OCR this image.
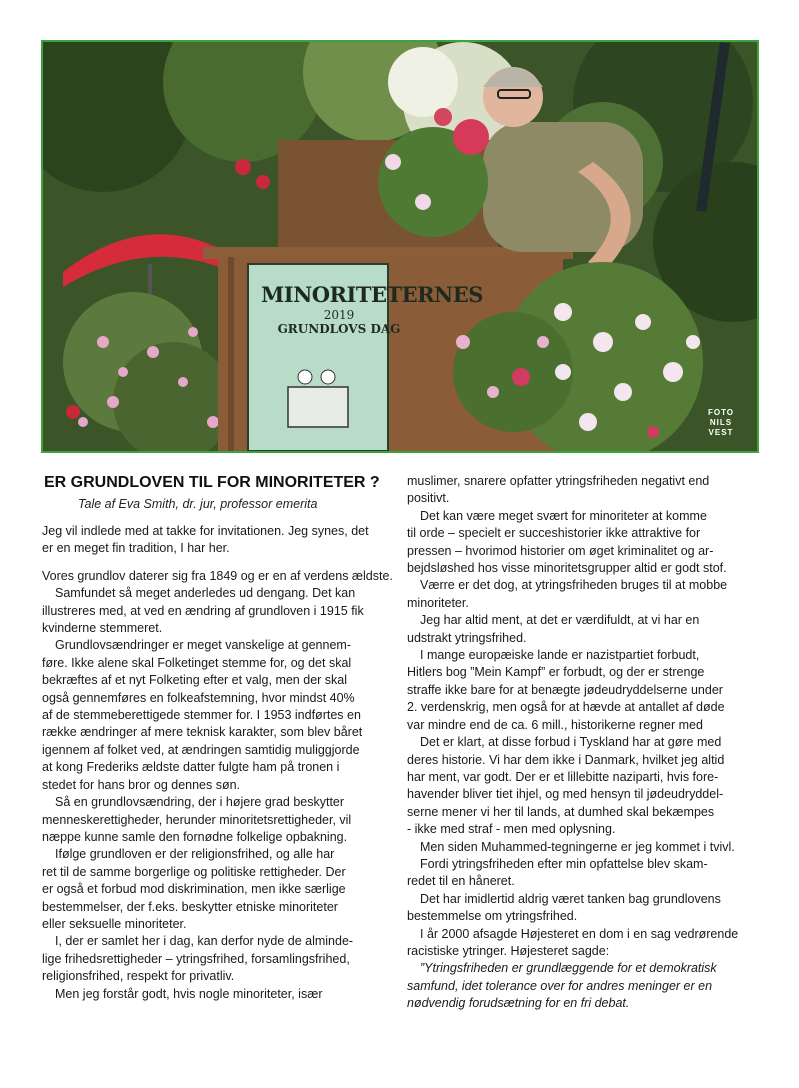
MINORITETERNES
2019
GRUNDLOVS DAG
FOTO
NILS
VEST
ER GRUNDLOVEN TIL FOR MINORITETER ?
Tale af Eva Smith, dr. jur, professor emerita
Jeg vil indlede med at takke for invitationen. Jeg synes, det
er en meget fin tradition, I har her.
Vores grundlov daterer sig fra 1849 og er en af verdens ældste.
Samfundet så meget anderledes ud dengang. Det kan
illustreres med, at ved en ændring af grundloven i 1915 fik
kvinderne stemmeret.
Grundlovsændringer er meget vanskelige at gennem-
føre. Ikke alene skal Folketinget stemme for, og det skal
bekræftes af et nyt Folketing efter et valg, men der skal
også gennemføres en folkeafstemning, hvor mindst 40%
af de stemmeberettigede stemmer for. I 1953 indførtes en
række ændringer af mere teknisk karakter, som blev båret
igennem af folket ved, at ændringen samtidig muliggjorde
at kong Frederiks ældste datter fulgte ham på tronen i
stedet for hans bror og dennes søn.
Så en grundlovsændring, der i højere grad beskytter
menneskerettigheder, herunder minoritetsrettigheder, vil
næppe kunne samle den fornødne folkelige opbakning.
Ifølge grundloven er der religionsfrihed, og alle har
ret til de samme borgerlige og politiske rettigheder. Der
er også et forbud mod diskrimination, men ikke særlige
bestemmelser, der f.eks. beskytter etniske minoriteter
eller seksuelle minoriteter.
I, der er samlet her i dag, kan derfor nyde de alminde-
lige frihedsrettigheder – ytringsfrihed, forsamlingsfrihed,
religionsfrihed, respekt for privatliv.
Men jeg forstår godt, hvis nogle minoriteter, især
muslimer, snarere opfatter ytringsfriheden negativt end
positivt.
Det kan være meget svært for minoriteter at komme
til orde – specielt er succeshistorier ikke attraktive for
pressen – hvorimod historier om øget kriminalitet og ar-
bejdsløshed hos visse minoritetsgrupper altid er godt stof.
Værre er det dog, at ytringsfriheden bruges til at mobbe
minoriteter.
Jeg har altid ment, at det er værdifuldt, at vi har en
udstrakt ytringsfrihed.
I mange europæiske lande er nazistpartiet forbudt,
Hitlers bog ”Mein Kampf” er forbudt, og der er strenge
straffe ikke bare for at benægte jødeudryddelserne under
2. verdenskrig, men også for at hævde at antallet af døde
var mindre end de ca. 6 mill., historikerne regner med
Det er klart, at disse forbud i Tyskland har at gøre med
deres historie. Vi har dem ikke i Danmark, hvilket jeg altid
har ment, var godt. Der er et lillebitte naziparti, hvis fore-
havender bliver tiet ihjel, og med hensyn til jødeudryddel-
serne mener vi her til lands, at dumhed skal bekæmpes
- ikke med straf - men med oplysning.
Men siden Muhammed-tegningerne er jeg kommet i tvivl.
Fordi ytringsfriheden efter min opfattelse blev skam-
redet til en håneret.
Det har imidlertid aldrig været tanken bag grundlovens
bestemmelse om ytringsfrihed.
I år 2000 afsagde Højesteret en dom i en sag vedrørende
racistiske ytringer. Højesteret sagde:
”Ytringsfriheden er grundlæggende for et demokratisk
samfund, idet tolerance over for andres meninger er en
nødvendig forudsætning for en fri debat.
